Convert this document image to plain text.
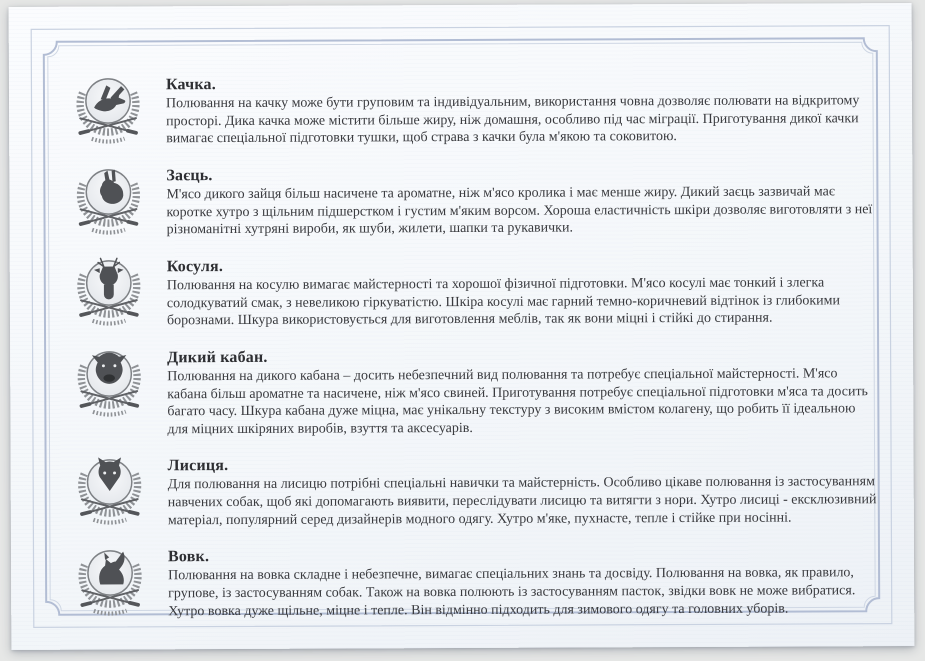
Качка.
Полювання на качку може бути груповим та індивідуальним, використання човна дозволяє полювати на відкритому просторі. Дика качка може містити більше жиру, ніж домашня, особливо під час міграції. Приготування дикої качки вимагає спеціальної підготовки тушки, щоб страва з качки була м'якою та соковитою.
Заєць.
М'ясо дикого зайця більш насичене та ароматне, ніж м'ясо кролика і має менше жиру. Дикий заєць зазвичай має коротке хутро з щільним підшерстком і густим м'яким ворсом. Хороша еластичність шкіри дозволяє виготовляти з неї різноманітні хутряні вироби, як шуби, жилети, шапки та рукавички.
Косуля.
Полювання на косулю вимагає майстерності та хорошої фізичної підготовки. М'ясо косулі має тонкий і злегка солодкуватий смак, з невеликою гіркуватістю. Шкіра косулі має гарний темно-коричневий відтінок із глибокими борознами. Шкура використовується для виготовлення меблів, так як вони міцні і стійкі до стирання.
Дикий кабан.
Полювання на дикого кабана – досить небезпечний вид полювання та потребує спеціальної майстерності. М'ясо кабана більш ароматне та насичене, ніж м'ясо свиней. Приготування потребує спеціальної підготовки м'яса та досить багато часу. Шкура кабана дуже міцна, має унікальну текстуру з високим вмістом колагену, що робить її ідеальною для міцних шкіряних виробів, взуття та аксесуарів.
Лисиця.
Для полювання на лисицю потрібні спеціальні навички та майстерність. Особливо цікаве полювання із застосуванням навчених собак, щоб які допомагають виявити, переслідувати лисицю та витягти з нори. Хутро лисиці - ексклюзивний матеріал, популярний серед дизайнерів модного одягу. Хутро м'яке, пухнасте, тепле і стійке при носінні.
Вовк.
Полювання на вовка складне і небезпечне, вимагає спеціальних знань та досвіду. Полювання на вовка, як правило, групове, із застосуванням собак. Також на вовка полюють із застосуванням пасток, звідки вовк не може вибратися. Хутро вовка дуже щільне, міцне і тепле. Він відмінно підходить для зимового одягу та головних уборів.
